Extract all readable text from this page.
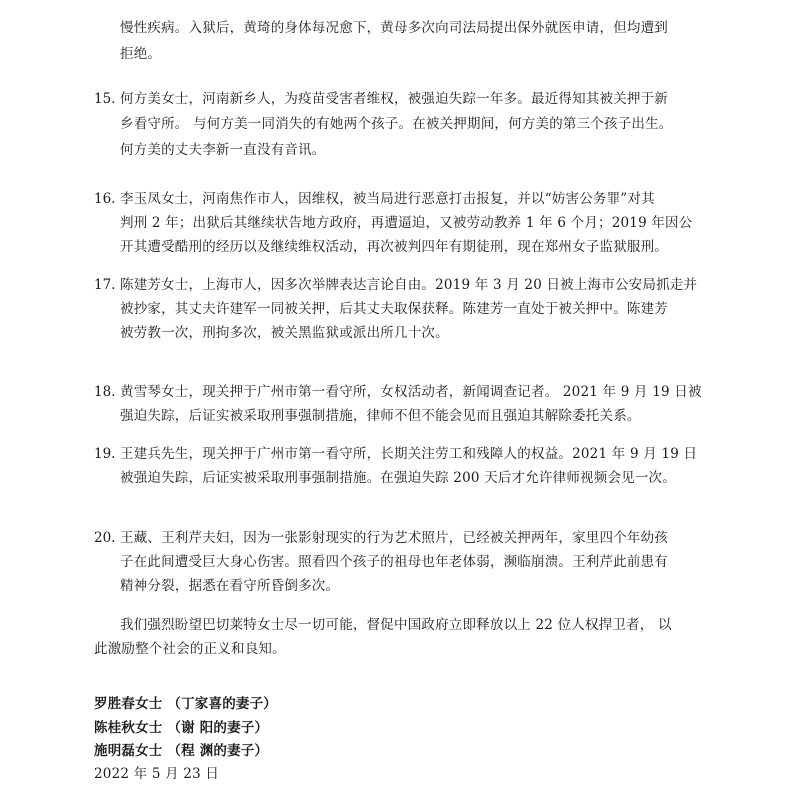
慢性疾病。入狱后，黄琦的身体每况愈下，黄母多次向司法局提出保外就医申请，但均遭到
拒绝。
15. 何方美女士，河南新乡人，为疫苗受害者维权，被强迫失踪一年多。最近得知其被关押于新
乡看守所。 与何方美一同消失的有她两个孩子。在被关押期间，何方美的第三个孩子出生。
何方美的丈夫李新一直没有音讯。
16. 李玉凤女士，河南焦作市人，因维权，被当局进行恶意打击报复，并以“妨害公务罪”对其
判刑 2 年；出狱后其继续状告地方政府，再遭逼迫，又被劳动教养 1 年 6 个月；2019 年因公
开其遭受酷刑的经历以及继续维权活动，再次被判四年有期徒刑，现在郑州女子监狱服刑。
17. 陈建芳女士，上海市人，因多次举牌表达言论自由。2019 年 3 月 20 日被上海市公安局抓走并
被抄家，其丈夫许建军一同被关押，后其丈夫取保获释。陈建芳一直处于被关押中。陈建芳
被劳教一次，刑拘多次，被关黑监狱或派出所几十次。
18. 黄雪琴女士，现关押于广州市第一看守所，女权活动者，新闻调查记者。 2021 年 9 月 19 日被
强迫失踪，后证实被采取刑事强制措施，律师不但不能会见而且强迫其解除委托关系。
19. 王建兵先生，现关押于广州市第一看守所，长期关注劳工和残障人的权益。2021 年 9 月 19 日
被强迫失踪，后证实被采取刑事强制措施。在强迫失踪 200 天后才允许律师视频会见一次。
20. 王藏、王利芹夫妇，因为一张影射现实的行为艺术照片，已经被关押两年，家里四个年幼孩
子在此间遭受巨大身心伤害。照看四个孩子的祖母也年老体弱，濒临崩溃。王利芹此前患有
精神分裂，据悉在看守所昏倒多次。
我们强烈盼望巴切莱特女士尽一切可能，督促中国政府立即释放以上 22 位人权捍卫者， 以
此激励整个社会的正义和良知。
罗胜春女士 （丁家喜的妻子）
陈桂秋女士 （谢 阳的妻子）
施明磊女士 （程 渊的妻子）
2022 年 5 月 23 日
